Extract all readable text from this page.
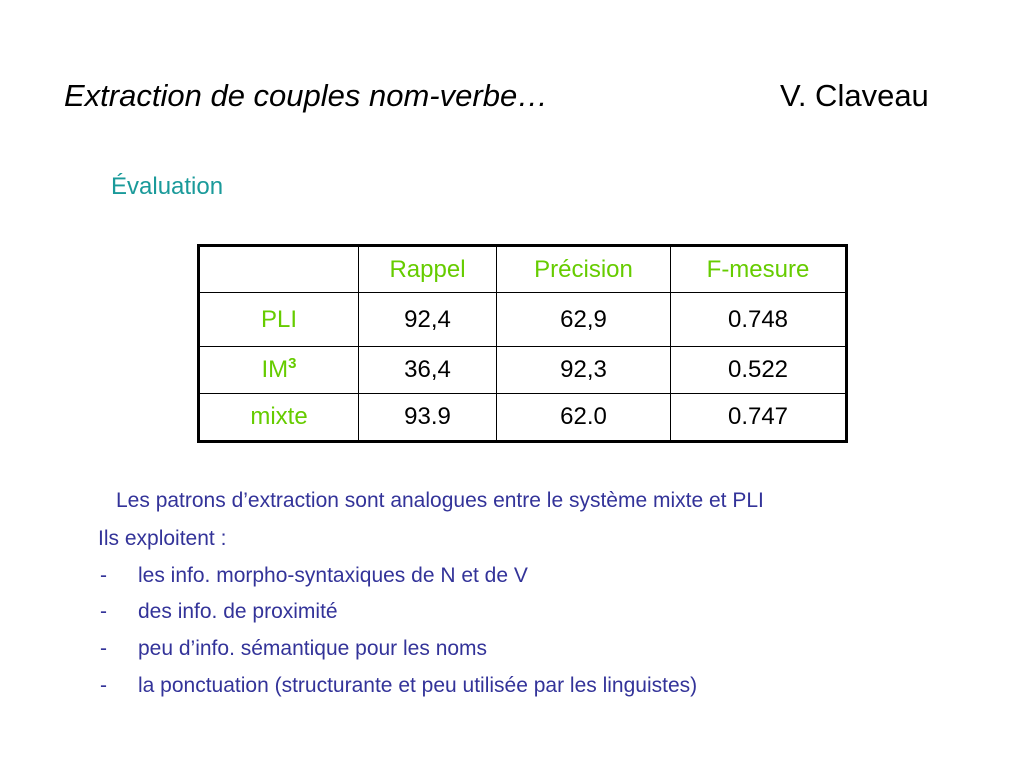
Extraction de couples nom-verbe…	V. Claveau
Évaluation
	Rappel	Précision	F-mesure
PLI	92,4	62,9	0.748
$IM^3$	36,4	92,3	0.522
mixte	93.9	62.0	0.747
Les patrons d’extraction sont analogues entre le système mixte et PLI
Ils exploitent :
- les info. morpho-syntaxiques de N et de V
- des info. de proximité
- peu d’info. sémantique pour les noms
- la ponctuation (structurante et peu utilisée par les linguistes)
